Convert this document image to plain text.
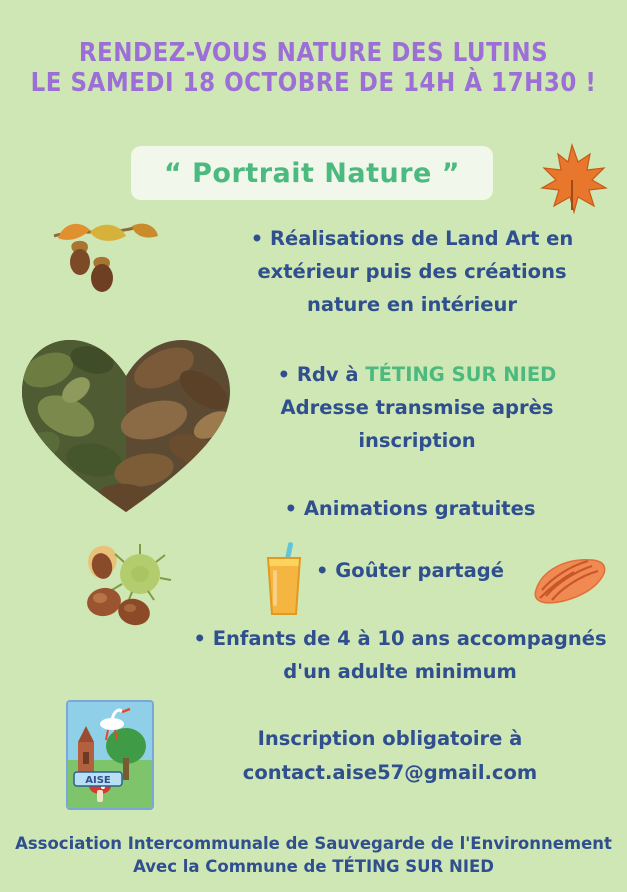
RENDEZ-VOUS NATURE DES LUTINS
LE SAMEDI 18 OCTOBRE DE 14H À 17H30 !
“ Portrait Nature ”
• Réalisations de Land Art en extérieur puis des créations nature en intérieur
• Rdv à TÉTING SUR NIED
Adresse transmise après inscription
• Animations gratuites
• Goûter partagé
• Enfants de 4 à 10 ans accompagnés d'un adulte minimum
Inscription obligatoire à
contact.aise57@gmail.com
AISE
Association Intercommunale de Sauvegarde de l'Environnement
Avec la Commune de TÉTING SUR NIED
